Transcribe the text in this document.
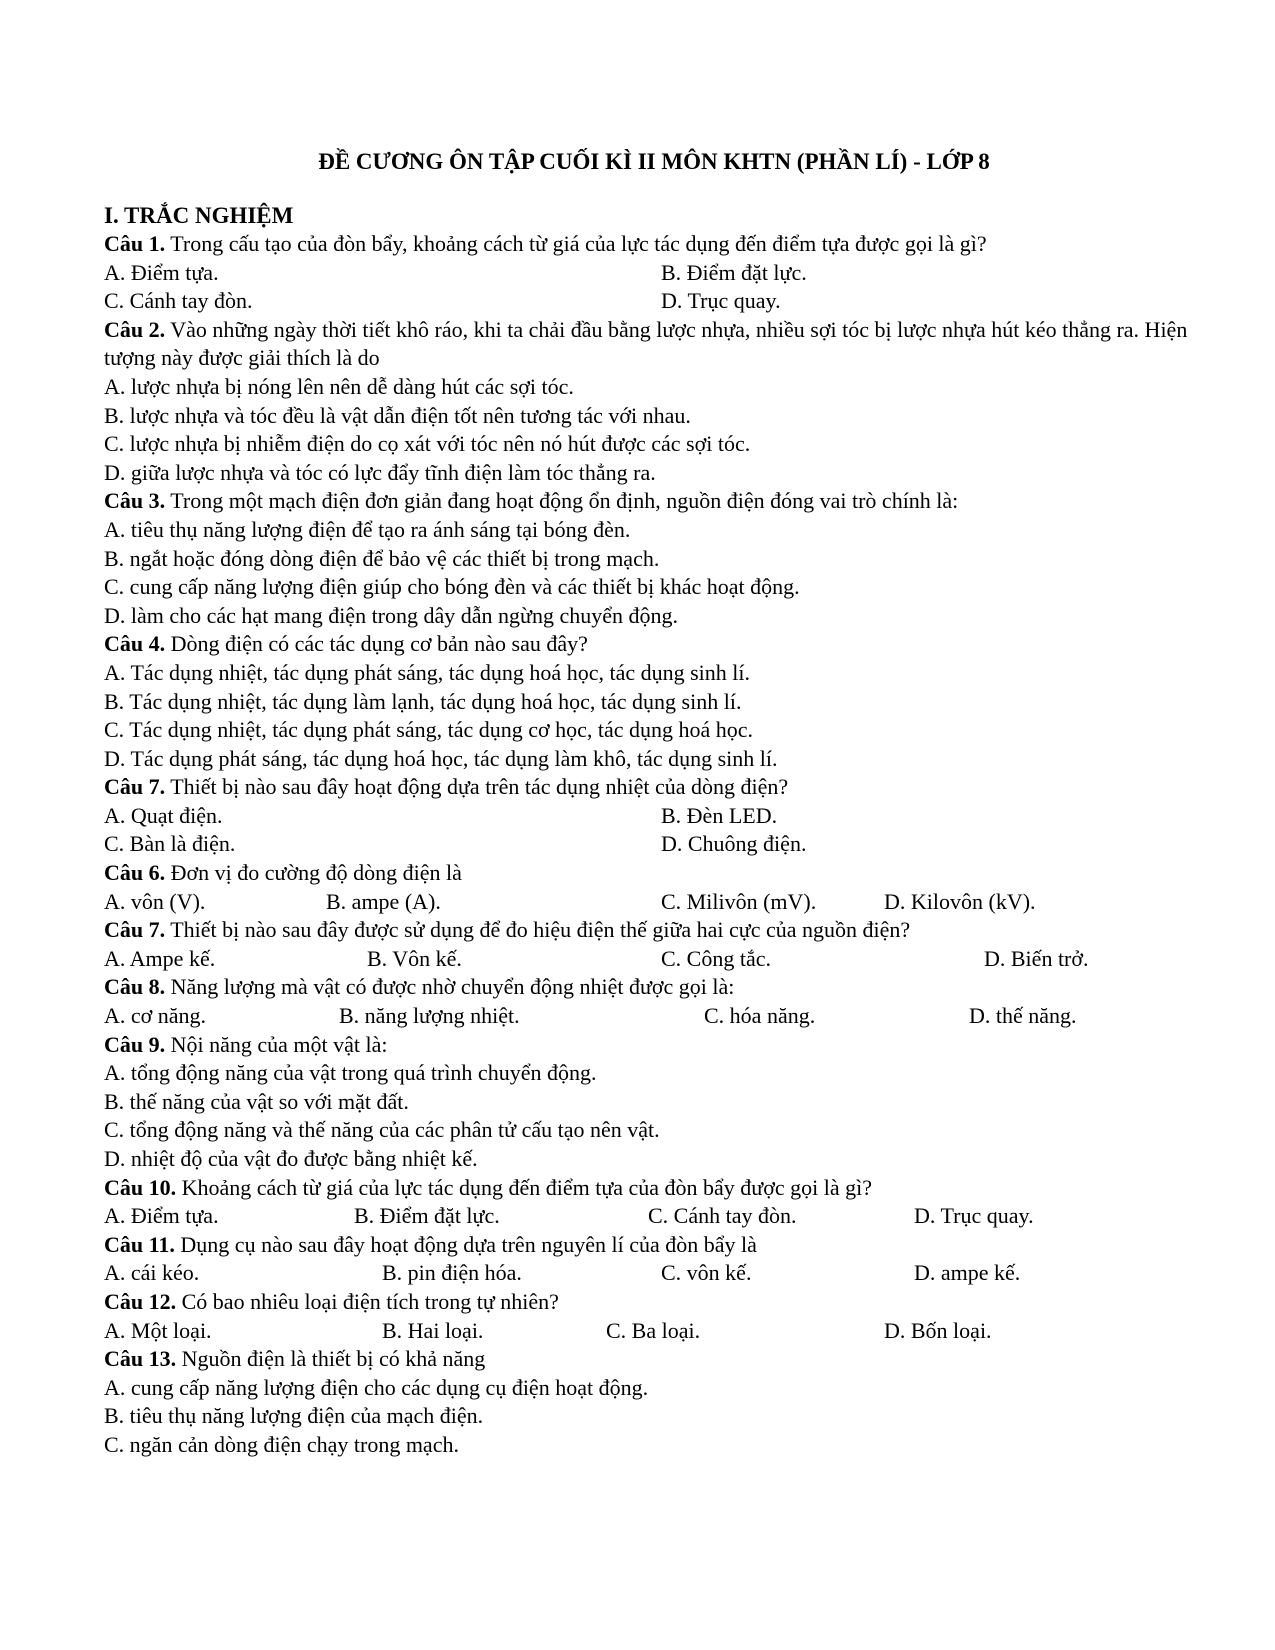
ĐỀ CƯƠNG ÔN TẬP CUỐI KÌ II MÔN KHTN (PHẦN LÍ) - LỚP 8
I. TRẮC NGHIỆM
Câu 1. Trong cấu tạo của đòn bẩy, khoảng cách từ giá của lực tác dụng đến điểm tựa được gọi là gì?
A. Điểm tựa.	B. Điểm đặt lực.
C. Cánh tay đòn.	D. Trục quay.
Câu 2. Vào những ngày thời tiết khô ráo, khi ta chải đầu bằng lược nhựa, nhiều sợi tóc bị lược nhựa hút kéo thẳng ra. Hiện tượng này được giải thích là do
A. lược nhựa bị nóng lên nên dễ dàng hút các sợi tóc.
B. lược nhựa và tóc đều là vật dẫn điện tốt nên tương tác với nhau.
C. lược nhựa bị nhiễm điện do cọ xát với tóc nên nó hút được các sợi tóc.
D. giữa lược nhựa và tóc có lực đẩy tĩnh điện làm tóc thẳng ra.
Câu 3. Trong một mạch điện đơn giản đang hoạt động ổn định, nguồn điện đóng vai trò chính là:
A. tiêu thụ năng lượng điện để tạo ra ánh sáng tại bóng đèn.
B. ngắt hoặc đóng dòng điện để bảo vệ các thiết bị trong mạch.
C. cung cấp năng lượng điện giúp cho bóng đèn và các thiết bị khác hoạt động.
D. làm cho các hạt mang điện trong dây dẫn ngừng chuyển động.
Câu 4. Dòng điện có các tác dụng cơ bản nào sau đây?
A. Tác dụng nhiệt, tác dụng phát sáng, tác dụng hoá học, tác dụng sinh lí.
B. Tác dụng nhiệt, tác dụng làm lạnh, tác dụng hoá học, tác dụng sinh lí.
C. Tác dụng nhiệt, tác dụng phát sáng, tác dụng cơ học, tác dụng hoá học.
D. Tác dụng phát sáng, tác dụng hoá học, tác dụng làm khô, tác dụng sinh lí.
Câu 7. Thiết bị nào sau đây hoạt động dựa trên tác dụng nhiệt của dòng điện?
A. Quạt điện.	B. Đèn LED.
C. Bàn là điện.	D. Chuông điện.
Câu 6. Đơn vị đo cường độ dòng điện là
A. vôn (V).	B. ampe (A).	C. Milivôn (mV).	D. Kilovôn (kV).
Câu 7. Thiết bị nào sau đây được sử dụng để đo hiệu điện thế giữa hai cực của nguồn điện?
A. Ampe kế.	B. Vôn kế.	C. Công tắc.	D. Biến trở.
Câu 8. Năng lượng mà vật có được nhờ chuyển động nhiệt được gọi là:
A. cơ năng.	B. năng lượng nhiệt.	C. hóa năng.	D. thế năng.
Câu 9. Nội năng của một vật là:
A. tổng động năng của vật trong quá trình chuyển động.
B. thế năng của vật so với mặt đất.
C. tổng động năng và thế năng của các phân tử cấu tạo nên vật.
D. nhiệt độ của vật đo được bằng nhiệt kế.
Câu 10. Khoảng cách từ giá của lực tác dụng đến điểm tựa của đòn bẩy được gọi là gì?
A. Điểm tựa.	B. Điểm đặt lực.	C. Cánh tay đòn.	D. Trục quay.
Câu 11. Dụng cụ nào sau đây hoạt động dựa trên nguyên lí của đòn bẩy là
A. cái kéo.	B. pin điện hóa.	C. vôn kế.	D. ampe kế.
Câu 12. Có bao nhiêu loại điện tích trong tự nhiên?
A. Một loại.	B. Hai loại.	C. Ba loại.	D. Bốn loại.
Câu 13. Nguồn điện là thiết bị có khả năng
A. cung cấp năng lượng điện cho các dụng cụ điện hoạt động.
B. tiêu thụ năng lượng điện của mạch điện.
C. ngăn cản dòng điện chạy trong mạch.
